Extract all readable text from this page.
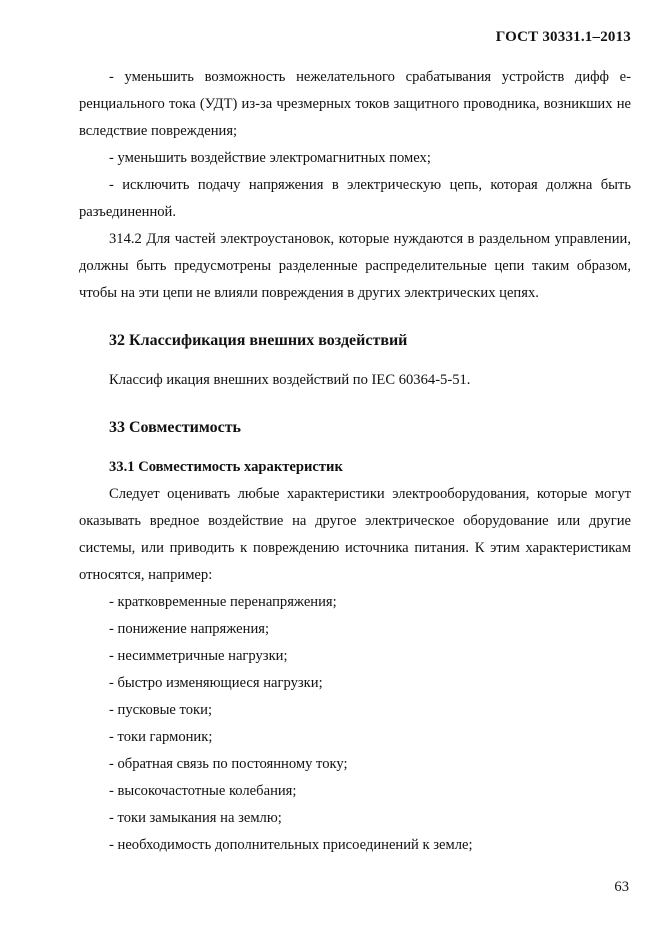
ГОСТ 30331.1–2013

- уменьшить возможность нежелательного срабатывания устройств дифф е-ренциального тока (УДТ) из-за чрезмерных токов защитного проводника, возникших не вследствие повреждения;

- уменьшить воздействие электромагнитных помех;

- исключить подачу напряжения в электрическую цепь, которая должна быть разъединенной.

314.2 Для частей электроустановок, которые нуждаются в раздельном управлении, должны быть предусмотрены разделенные распределительные цепи таким образом, чтобы на эти цепи не влияли повреждения в других электрических цепях.

32 Классификация внешних воздействий

Классиф икация внешних воздействий по IEC 60364-5-51.

33 Совместимость
33.1 Совместимость характеристик

Следует оценивать любые характеристики электрооборудования, которые могут оказывать вредное воздействие на другое электрическое оборудование или другие системы, или приводить к повреждению источника питания. К этим характеристикам относятся, например:

- кратковременные перенапряжения;
- понижение напряжения;
- несимметричные нагрузки;
- быстро изменяющиеся нагрузки;
- пусковые токи;
- токи гармоник;
- обратная связь по постоянному току;
- высокочастотные колебания;
- токи замыкания на землю;
- необходимость дополнительных присоединений к земле;
63
